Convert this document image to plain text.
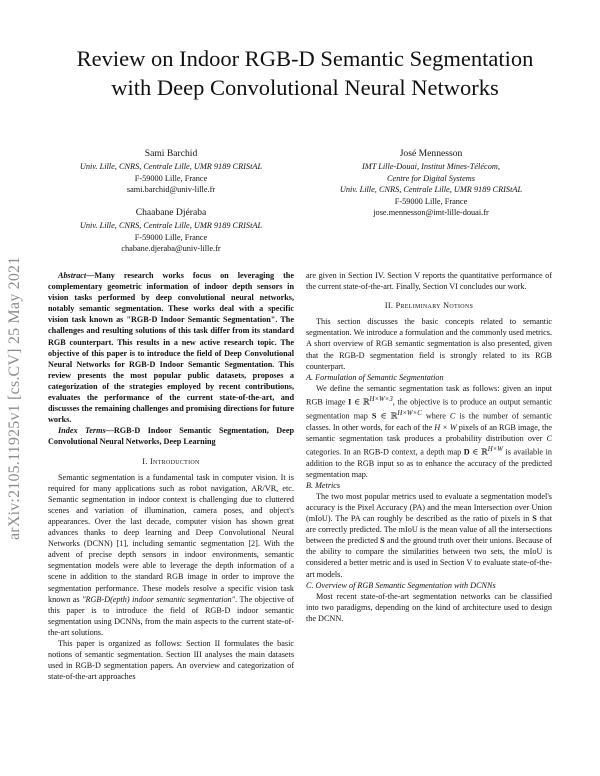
Review on Indoor RGB-D Semantic Segmentation
with Deep Convolutional Neural Networks
arXiv:2105.11925v1 [cs.CV] 25 May 2021
Sami Barchid
Univ. Lille, CNRS, Centrale Lille, UMR 9189 CRIStAL
F-59000 Lille, France
sami.barchid@univ-lille.fr
José Mennesson
IMT Lille-Douai, Institut Mines-Télécom,
Centre for Digital Systems
Univ. Lille, CNRS, Centrale Lille, UMR 9189 CRIStAL
F-59000 Lille, France
jose.mennesson@imt-lille-douai.fr
Chaabane Djéraba
Univ. Lille, CNRS, Centrale Lille, UMR 9189 CRIStAL
F-59000 Lille, France
chabane.djeraba@univ-lille.fr

Abstract—Many research works focus on leveraging the complementary geometric information of indoor depth sensors in vision tasks performed by deep convolutional neural networks, notably semantic segmentation. These works deal with a specific vision task known as "RGB-D Indoor Semantic Segmentation". The challenges and resulting solutions of this task differ from its standard RGB counterpart. This results in a new active research topic. The objective of this paper is to introduce the field of Deep Convolutional Neural Networks for RGB-D Indoor Semantic Segmentation. This review presents the most popular public datasets, proposes a categorization of the strategies employed by recent contributions, evaluates the performance of the current state-of-the-art, and discusses the remaining challenges and promising directions for future works.

Index Terms—RGB-D Indoor Semantic Segmentation, Deep Convolutional Neural Networks, Deep Learning

I. Introduction

Semantic segmentation is a fundamental task in computer vision. It is required for many applications such as robot navigation, AR/VR, etc. Semantic segmentation in indoor context is challenging due to cluttered scenes and variation of illumination, camera poses, and object's appearances. Over the last decade, computer vision has shown great advances thanks to deep learning and Deep Convolutional Neural Networks (DCNN) [1], including semantic segmentation [2]. With the advent of precise depth sensors in indoor environments, semantic segmentation models were able to leverage the depth information of a scene in addition to the standard RGB image in order to improve the segmentation performance. These models resolve a specific vision task known as "RGB-D(epth) indoor semantic segmentation". The objective of this paper is to introduce the field of RGB-D indoor semantic segmentation using DCNNs, from the main aspects to the current state-of-the-art solutions.

This paper is organized as follows: Section II formulates the basic notions of semantic segmentation. Section III analyses the main datasets used in RGB-D segmentation papers. An overview and categorization of state-of-the-art approaches

are given in Section IV. Section V reports the quantitative performance of the current state-of-the-art. Finally, Section VI concludes our work.

II. Preliminary Notions

This section discusses the basic concepts related to semantic segmentation. We introduce a formulation and the commonly used metrics. A short overview of RGB semantic segmentation is also presented, given that the RGB-D segmentation field is strongly related to its RGB counterpart.

A. Formulation of Semantic Segmentation

We define the semantic segmentation task as follows: given an input RGB image I ∈ ℝ$^{H\times W\times 3}$, the objective is to produce an output semantic segmentation map S ∈ ℝ$^{H\times W\times C}$ where C is the number of semantic classes. In other words, for each of the H × W pixels of an RGB image, the semantic segmentation task produces a probability distribution over C categories. In an RGB-D context, a depth map D ∈ ℝ$^{H\times W}$ is available in addition to the RGB input so as to enhance the accuracy of the predicted segmentation map.

B. Metrics

The two most popular metrics used to evaluate a segmentation model's accuracy is the Pixel Accuracy (PA) and the mean Intersection over Union (mIoU). The PA can roughly be described as the ratio of pixels in S that are correctly predicted. The mIoU is the mean value of all the intersections between the predicted S and the ground truth over their unions. Because of the ability to compare the similarities between two sets, the mIoU is considered a better metric and is used in Section V to evaluate state-of-the-art models.

C. Overview of RGB Semantic Segmentation with DCNNs

Most recent state-of-the-art segmentation networks can be classified into two paradigms, depending on the kind of architecture used to design the DCNN.
